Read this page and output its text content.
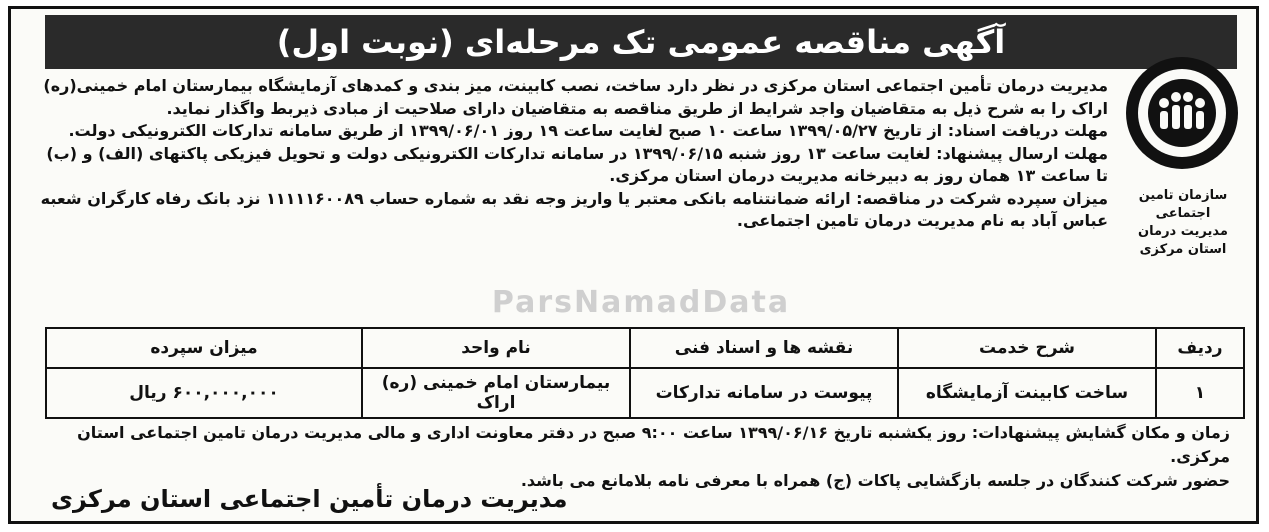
آگهی مناقصه عمومی تک مرحله‌ای (نوبت اول)
سازمان تامین اجتماعی
مدیریت درمان
استان مرکزی

مدیریت درمان تأمین اجتماعی استان مرکزی در نظر دارد ساخت، نصب کابینت، میز بندی و کمدهای آزمایشگاه بیمارستان امام خمینی(ره) اراک را به شرح ذیل به متقاضیان واجد شرایط از طریق مناقصه به متقاضیان دارای صلاحیت از مبادی ذیربط واگذار نماید.

مهلت دریافت اسناد: از تاریخ ۱۳۹۹/۰۵/۲۷ ساعت ۱۰ صبح لغایت ساعت ۱۹ روز ۱۳۹۹/۰۶/۰۱ از طریق سامانه تدارکات الکترونیکی دولت.

مهلت ارسال پیشنهاد: لغایت ساعت ۱۳ روز شنبه ۱۳۹۹/۰۶/۱۵ در سامانه تدارکات الکترونیکی دولت و تحویل فیزیکی پاکتهای (الف) و (ب) تا ساعت ۱۳ همان روز به دبیرخانه مدیریت درمان استان مرکزی.

میزان سپرده شرکت در مناقصه: ارائه ضمانتنامه بانکی معتبر یا واریز وجه نقد به شماره حساب ۱۱۱۱۱۶۰۰۸۹ نزد بانک رفاه کارگران شعبه عباس آباد به نام مدیریت درمان تامین اجتماعی.

ParsNamadData
ردیف	شرح خدمت	نقشه ها و اسناد فنی	نام واحد	میزان سپرده
۱	ساخت کابینت آزمایشگاه	پیوست در سامانه تدارکات	بیمارستان امام خمینی (ره) اراک	۶۰۰,۰۰۰,۰۰۰ ریال

زمان و مکان گشایش پیشنهادات: روز یکشنبه تاریخ ۱۳۹۹/۰۶/۱۶ ساعت ۹:۰۰ صبح در دفتر معاونت اداری و مالی مدیریت درمان تامین اجتماعی استان مرکزی.

حضور شرکت کنندگان در جلسه بازگشایی پاکات (ج) همراه با معرفی نامه بلامانع می باشد.

مدیریت درمان تأمین اجتماعی استان مرکزی
